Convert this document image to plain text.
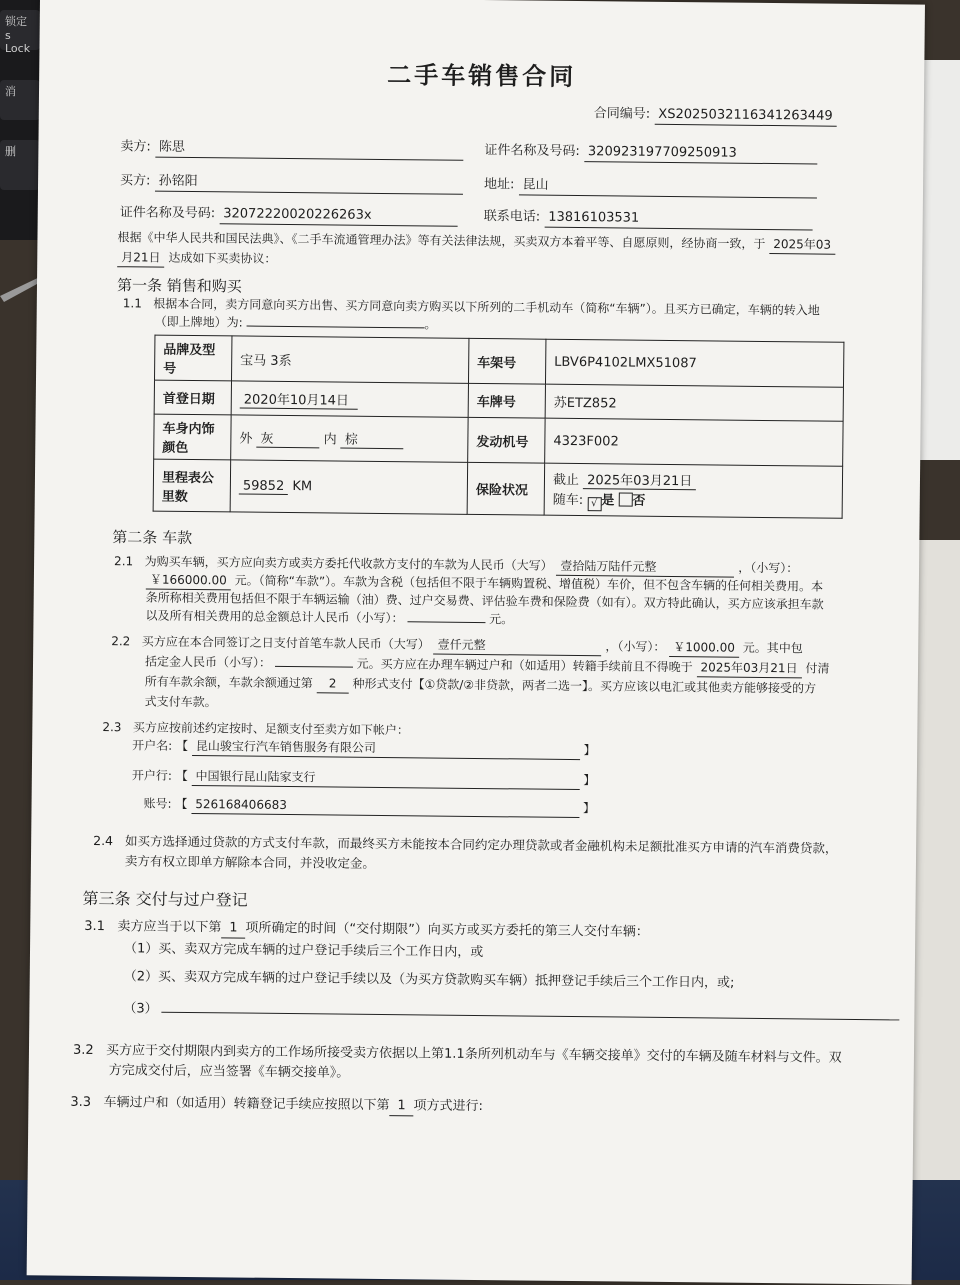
锁定
s Lock
消
删
二手车销售合同
合同编号: XS2025032116341263449
卖方: 陈思	证件名称及号码: 320923197709250913
买方: 孙铭阳	地址: 昆山
证件名称及号码: 32072220020226263x	联系电话: 13816103531
根据《中华人民共和国民法典》、《二手车流通管理办法》等有关法律法规，买卖双方本着平等、自愿原则，经协商一致，于 2025年03
月21日 达成如下买卖协议：
第一条 销售和购买
1.1 根据本合同，卖方同意向买方出售、买方同意向卖方购买以下所列的二手机动车（简称“车辆”）。且买方已确定，车辆的转入地
（即上牌地）为:	。
品牌及型号	宝马 3系	车架号	LBV6P4102LMX51087
首登日期	2020年10月14日	车牌号	苏ETZ852
车身内饰颜色	外 灰 内 棕	发动机号	4323F002
里程表公里数	59852 KM	保险状况	截止 2025年03月21日
随车: √ 是 否
第二条 车款
2.1 为购买车辆，买方应向卖方或卖方委托代收款方支付的车款为人民币（大写） 壹拾陆万陆仟元整	，（小写）：
￥166000.00 元。（简称“车款”）。车款为含税（包括但不限于车辆购置税、增值税）车价，但不包含车辆的任何相关费用。本
条所称相关费用包括但不限于车辆运输（油）费、过户交易费、评估验车费和保险费（如有）。双方特此确认，买方应该承担车款
以及所有相关费用的总金额总计人民币（小写）：	元。
2.2 买方应在本合同签订之日支付首笔车款人民币（大写） 壹仟元整	，（小写）： ￥1000.00 元。其中包
括定金人民币（小写）：	元。买方应在办理车辆过户和（如适用）转籍手续前且不得晚于 2025年03月21日 付清
所有车款余额，车款余额通过第 2 种形式支付【①贷款/②非贷款，两者二选一】。买方应该以电汇或其他卖方能够接受的方
式支付车款。
2.3 买方应按前述约定按时、足额支付至卖方如下帐户：
开户名: 【 昆山骏宝行汽车销售服务有限公司	】
开户行: 【 中国银行昆山陆家支行	】
账号: 【 526168406683	】
2.4 如买方选择通过贷款的方式支付车款，而最终买方未能按本合同约定办理贷款或者金融机构未足额批准买方申请的汽车消费贷款，
卖方有权立即单方解除本合同，并没收定金。
第三条 交付与过户登记
3.1 卖方应当于以下第 1 项所确定的时间（“交付期限”）向买方或买方委托的第三人交付车辆：
（1）买、卖双方完成车辆的过户登记手续后三个工作日内，或
（2）买、卖双方完成车辆的过户登记手续以及（为买方贷款购买车辆）抵押登记手续后三个工作日内，或;
（3）
3.2 买方应于交付期限内到卖方的工作场所接受卖方依据以上第1.1条所列机动车与《车辆交接单》交付的车辆及随车材料与文件。双
方完成交付后，应当签署《车辆交接单》。
3.3 车辆过户和（如适用）转籍登记手续应按照以下第 1 项方式进行:
